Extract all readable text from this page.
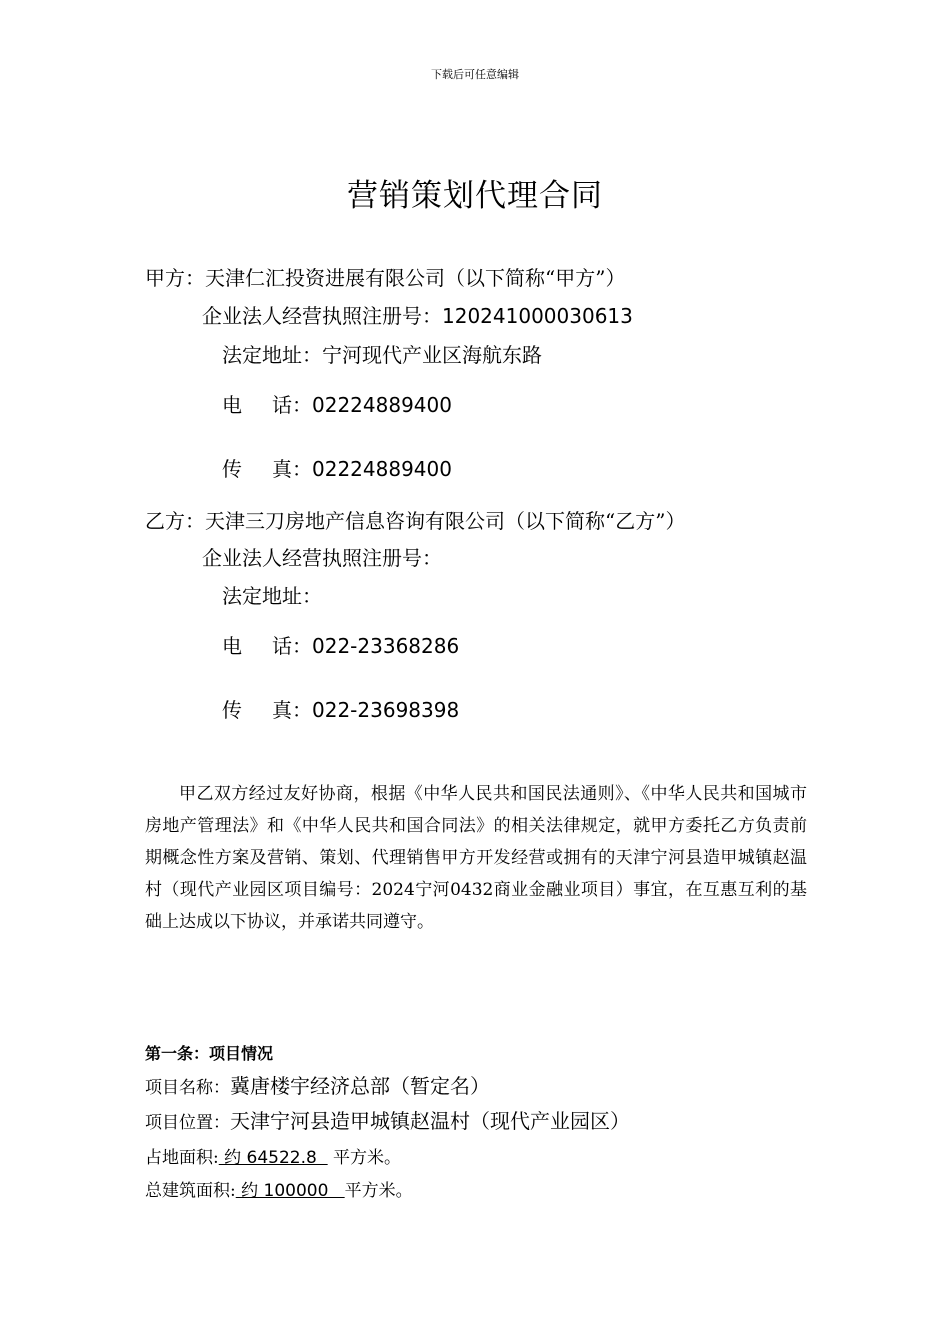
下载后可任意编辑
营销策划代理合同
甲方：天津仁汇投资进展有限公司（以下简称“甲方”）
企业法人经营执照注册号：120241000030613
法定地址：宁河现代产业区海航东路
电 话：02224889400
传 真：02224889400
乙方：天津三刀房地产信息咨询有限公司（以下简称“乙方”）
企业法人经营执照注册号：
法定地址：
电 话：022-23368286
传 真：022-23698398

甲乙双方经过友好协商，根据《中华人民共和国民法通则》、《中华人民共和国城市房地产管理法》和《中华人民共和国合同法》的相关法律规定，就甲方委托乙方负责前期概念性方案及营销、策划、代理销售甲方开发经营或拥有的天津宁河县造甲城镇赵温村（现代产业园区项目编号：2024宁河0432商业金融业项目）事宜，在互惠互利的基础上达成以下协议，并承诺共同遵守。

第一条：项目情况
项目名称：冀唐楼宇经济总部（暂定名）
项目位置：天津宁河县造甲城镇赵温村（现代产业园区）
占地面积: 约 64522.8   平方米。
总建筑面积: 约 100000   平方米。
